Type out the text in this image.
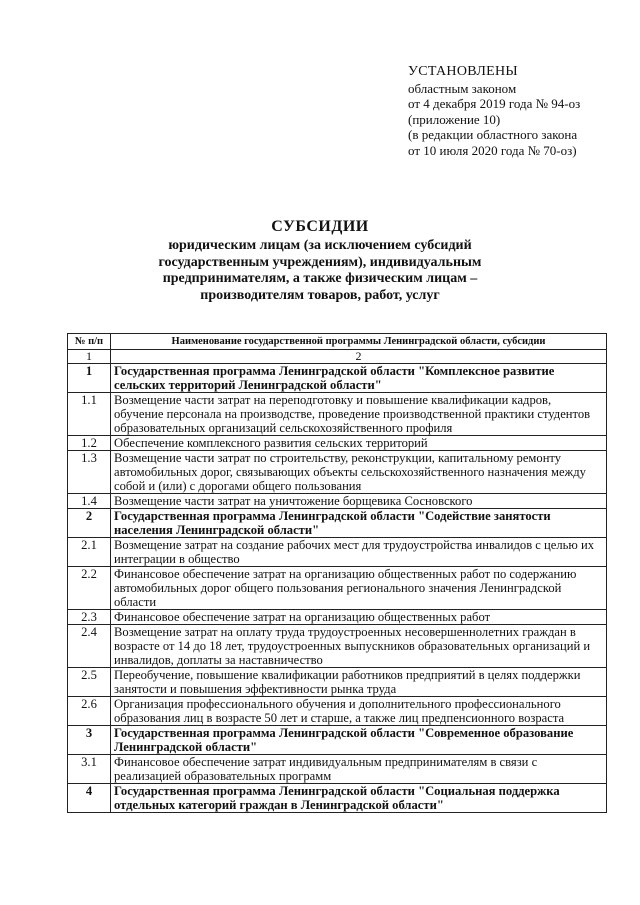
УСТАНОВЛЕНЫ
областным законом
от 4 декабря 2019 года № 94-оз
(приложение 10)
(в редакции областного закона
от 10 июля 2020 года № 70-оз)
СУБСИДИИ
юридическим лицам (за исключением субсидий
государственным учреждениям), индивидуальным
предпринимателям, а также физическим лицам –
производителям товаров, работ, услуг
№ п/п	Наименование государственной программы Ленинградской области, субсидии
1	2
1	Государственная программа Ленинградской области "Комплексное развитие сельских территорий Ленинградской области"
1.1	Возмещение части затрат на переподготовку и повышение квалификации кадров, обучение персонала на производстве, проведение производственной практики студентов образовательных организаций сельскохозяйственного профиля
1.2	Обеспечение комплексного развития сельских территорий
1.3	Возмещение части затрат по строительству, реконструкции, капитальному ремонту автомобильных дорог, связывающих объекты сельскохозяйственного назначения между собой и (или) с дорогами общего пользования
1.4	Возмещение части затрат на уничтожение борщевика Сосновского
2	Государственная программа Ленинградской области "Содействие занятости населения Ленинградской области"
2.1	Возмещение затрат на создание рабочих мест для трудоустройства инвалидов с целью их интеграции в общество
2.2	Финансовое обеспечение затрат на организацию общественных работ по содержанию автомобильных дорог общего пользования регионального значения Ленинградской области
2.3	Финансовое обеспечение затрат на организацию общественных работ
2.4	Возмещение затрат на оплату труда трудоустроенных несовершеннолетних граждан в возрасте от 14 до 18 лет, трудоустроенных выпускников образовательных организаций и инвалидов, доплаты за наставничество
2.5	Переобучение, повышение квалификации работников предприятий в целях поддержки занятости и повышения эффективности рынка труда
2.6	Организация профессионального обучения и дополнительного профессионального образования лиц в возрасте 50 лет и старше, а также лиц предпенсионного возраста
3	Государственная программа Ленинградской области "Современное образование Ленинградской области"
3.1	Финансовое обеспечение затрат индивидуальным предпринимателям в связи с реализацией образовательных программ
4	Государственная программа Ленинградской области "Социальная поддержка отдельных категорий граждан в Ленинградской области"
